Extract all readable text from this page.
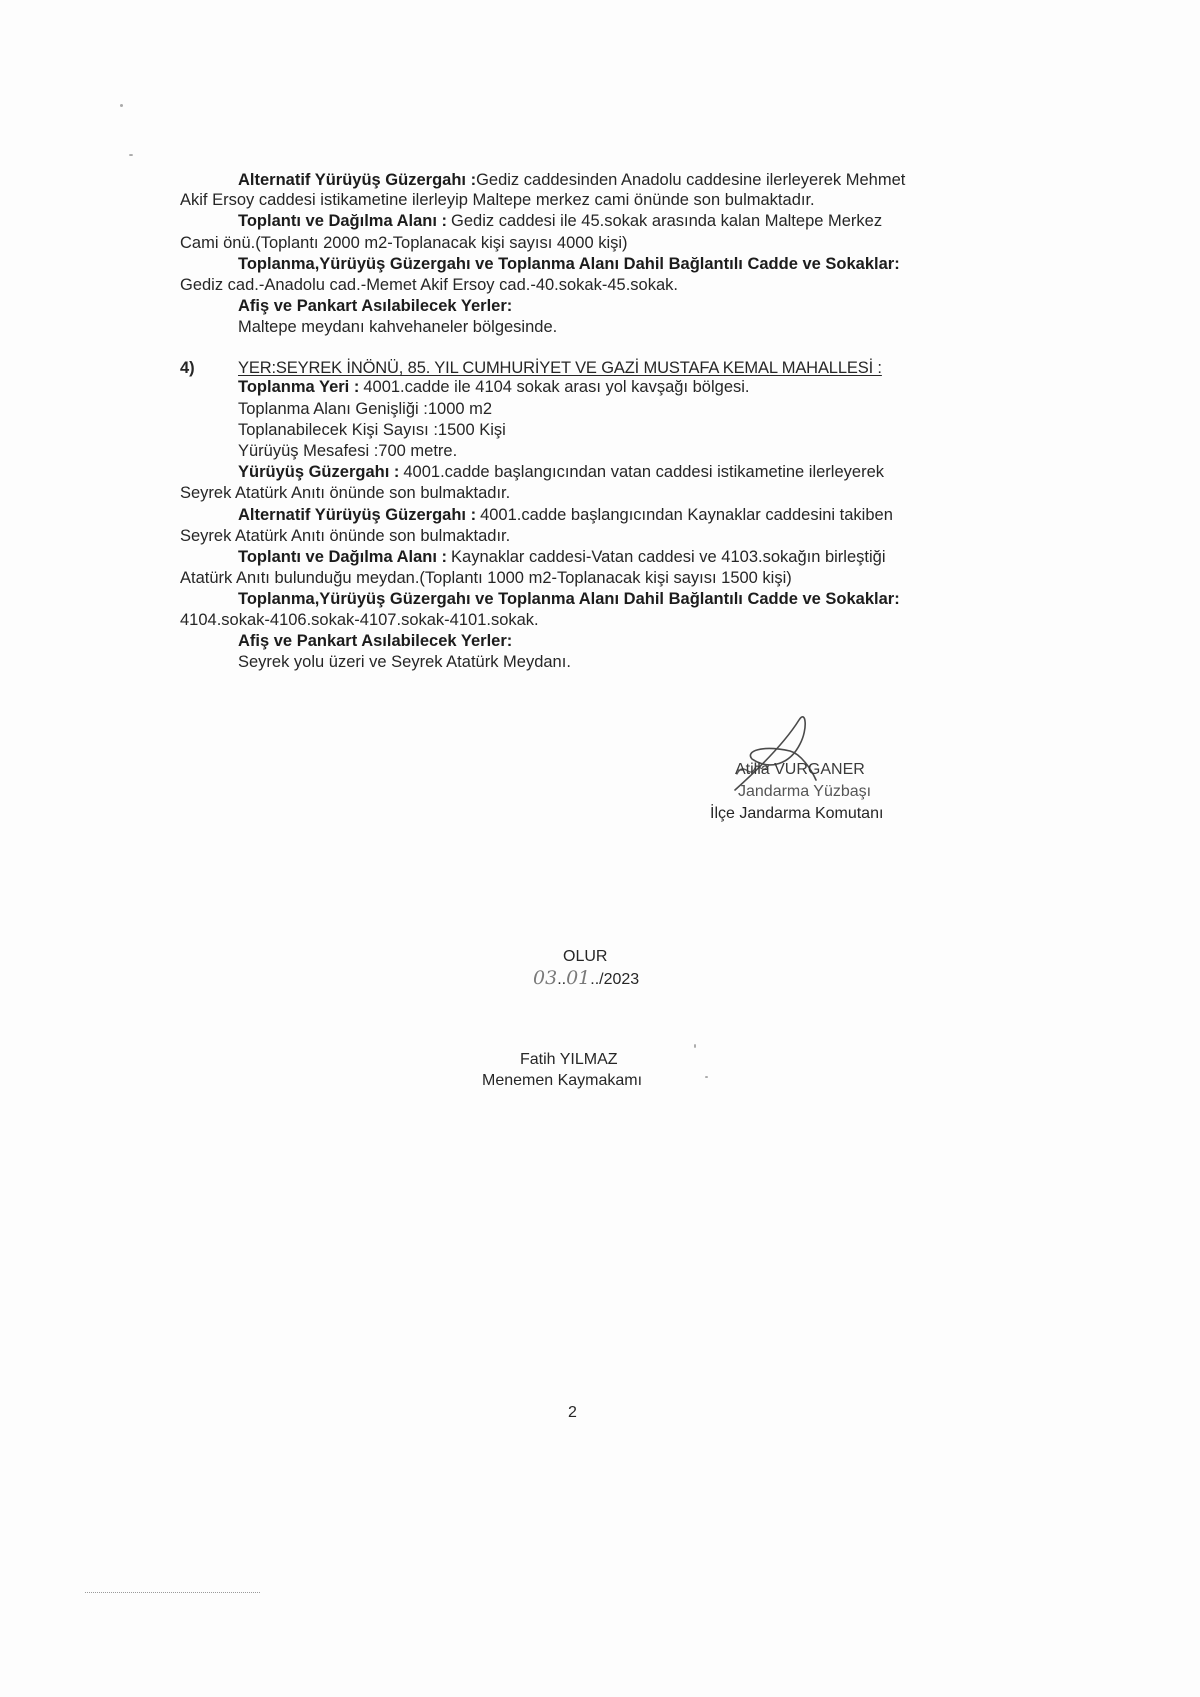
Alternatif Yürüyüş Güzergahı :Gediz caddesinden Anadolu caddesine ilerleyerek Mehmet
Akif Ersoy caddesi istikametine ilerleyip Maltepe merkez cami önünde son bulmaktadır.
Toplantı ve Dağılma Alanı : Gediz caddesi ile 45.sokak arasında kalan Maltepe Merkez
Cami önü.(Toplantı 2000 m2-Toplanacak kişi sayısı 4000 kişi)
Toplanma,Yürüyüş Güzergahı ve Toplanma Alanı Dahil Bağlantılı Cadde ve Sokaklar:
Gediz cad.-Anadolu cad.-Memet Akif Ersoy cad.-40.sokak-45.sokak.
Afiş ve Pankart Asılabilecek Yerler:
Maltepe meydanı kahvehaneler bölgesinde.
4)	YER:SEYREK İNÖNÜ, 85. YIL CUMHURİYET VE GAZİ MUSTAFA KEMAL MAHALLESİ :
Toplanma Yeri : 4001.cadde ile 4104 sokak arası yol kavşağı bölgesi.
Toplanma Alanı Genişliği :1000 m2
Toplanabilecek Kişi Sayısı :1500 Kişi
Yürüyüş Mesafesi :700 metre.
Yürüyüş Güzergahı : 4001.cadde başlangıcından vatan caddesi istikametine ilerleyerek
Seyrek Atatürk Anıtı önünde son bulmaktadır.
Alternatif Yürüyüş Güzergahı : 4001.cadde başlangıcından Kaynaklar caddesini takiben
Seyrek Atatürk Anıtı önünde son bulmaktadır.
Toplantı ve Dağılma Alanı : Kaynaklar caddesi-Vatan caddesi ve 4103.sokağın birleştiği
Atatürk Anıtı bulunduğu meydan.(Toplantı 1000 m2-Toplanacak kişi sayısı 1500 kişi)
Toplanma,Yürüyüş Güzergahı ve Toplanma Alanı Dahil Bağlantılı Cadde ve Sokaklar:
4104.sokak-4106.sokak-4107.sokak-4101.sokak.
Afiş ve Pankart Asılabilecek Yerler:
Seyrek yolu üzeri ve Seyrek Atatürk Meydanı.
Atilla VURGANER
Jandarma Yüzbaşı
İlçe Jandarma Komutanı
OLUR
03..01../2023
Fatih YILMAZ
Menemen Kaymakamı
2
